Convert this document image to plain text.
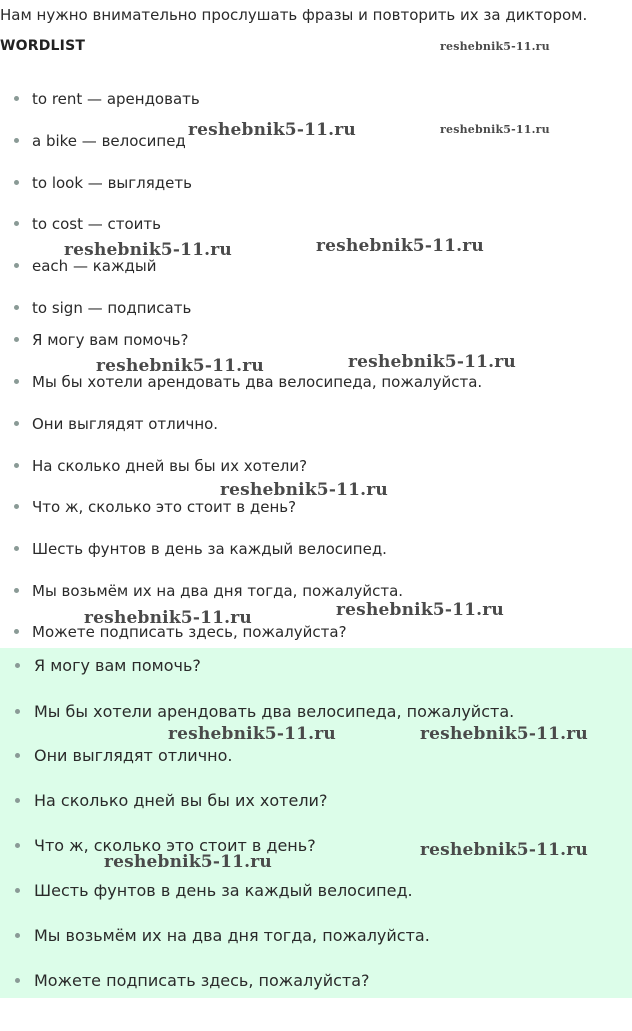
Нам нужно внимательно прослушать фразы и повторить их за диктором.
WORDLIST
to rent — арендовать
a bike — велосипед
to look — выглядеть
to cost — стоить
each — каждый
to sign — подписать
Я могу вам помочь?
Мы бы хотели арендовать два велосипеда, пожалуйста.
Они выглядят отлично.
На сколько дней вы бы их хотели?
Что ж, сколько это стоит в день?
Шесть фунтов в день за каждый велосипед.
Мы возьмём их на два дня тогда, пожалуйста.
Можете подписать здесь, пожалуйста?
Я могу вам помочь?
Мы бы хотели арендовать два велосипеда, пожалуйста.
Они выглядят отлично.
На сколько дней вы бы их хотели?
Что ж, сколько это стоит в день?
Шесть фунтов в день за каждый велосипед.
Мы возьмём их на два дня тогда, пожалуйста.
Можете подписать здесь, пожалуйста?
reshebnik5-11.ru
reshebnik5-11.ru	reshebnik5-11.ru
reshebnik5-11.ru	reshebnik5-11.ru
reshebnik5-11.ru	reshebnik5-11.ru
reshebnik5-11.ru
reshebnik5-11.ru	reshebnik5-11.ru
reshebnik5-11.ru	reshebnik5-11.ru
reshebnik5-11.ru
reshebnik5-11.ru
